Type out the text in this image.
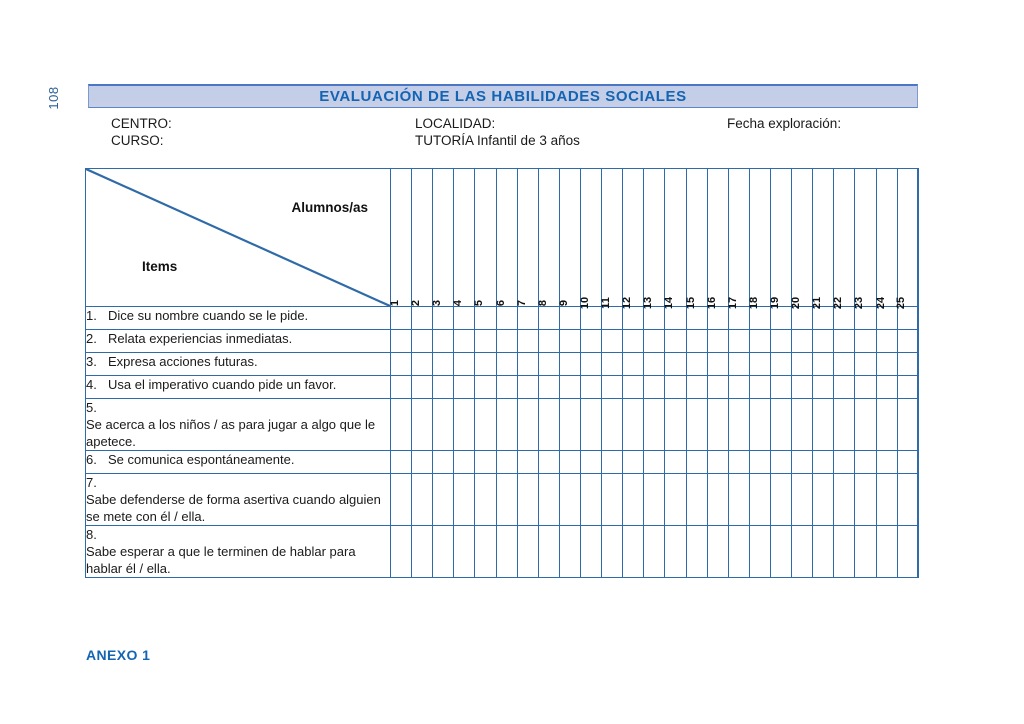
108	EVALUACIÓN DE LAS HABILIDADES SOCIALES
CENTRO:
CURSO:
LOCALIDAD:
TUTORÍA Infantil de 3 años
Fecha exploración:
Alumnos/as
Items	1	2	3	4	5	6	7	8	9	10	11	12	13	14	15	16	17	18	19	20	21	22	23	24	25

1. Dice su nombre cuando se le pide.																									
2. Relata experiencias inmediatas.																									
3. Expresa acciones futuras.																									
4. Usa el imperativo cuando pide un favor.																									
5.Se acerca a los niños / as para jugar a algo que le apetece.																									
6. Se comunica espontáneamente.																									
7.Sabe defenderse de forma asertiva cuando alguien se mete con él / ella.																									
8.Sabe esperar a que le terminen de hablar para hablar él / ella.																									
ANEXO 1
